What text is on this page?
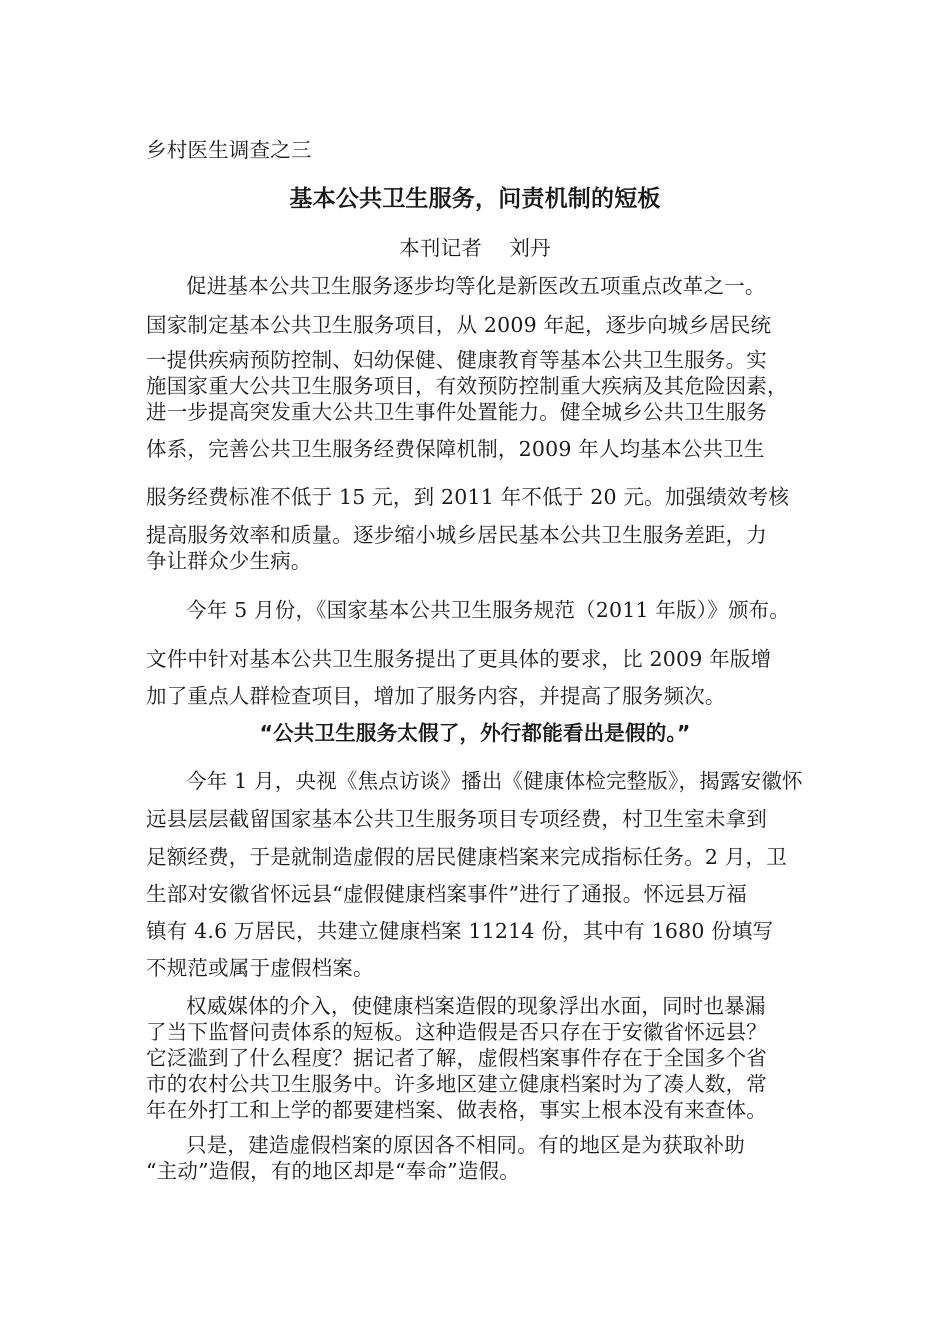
乡村医生调查之三
基本公共卫生服务，问责机制的短板
本刊记者　 刘丹
促进基本公共卫生服务逐步均等化是新医改五项重点改革之一。
国家制定基本公共卫生服务项目，从 2009 年起，逐步向城乡居民统
一提供疾病预防控制、妇幼保健、健康教育等基本公共卫生服务。实
施国家重大公共卫生服务项目，有效预防控制重大疾病及其危险因素，
进一步提高突发重大公共卫生事件处置能力。健全城乡公共卫生服务
体系，完善公共卫生服务经费保障机制，2009 年人均基本公共卫生
服务经费标准不低于 15 元，到 2011 年不低于 20 元。加强绩效考核
提高服务效率和质量。逐步缩小城乡居民基本公共卫生服务差距，力
争让群众少生病。
今年 5 月份，《国家基本公共卫生服务规范（2011 年版）》颁布。
文件中针对基本公共卫生服务提出了更具体的要求，比 2009 年版增
加了重点人群检查项目，增加了服务内容，并提高了服务频次。
“公共卫生服务太假了，外行都能看出是假的。”
今年 1 月，央视《焦点访谈》播出《健康体检完整版》，揭露安徽怀
远县层层截留国家基本公共卫生服务项目专项经费，村卫生室未拿到
足额经费，于是就制造虚假的居民健康档案来完成指标任务。2 月，卫
生部对安徽省怀远县“虚假健康档案事件”进行了通报。怀远县万福
镇有 4.6 万居民，共建立健康档案 11214 份，其中有 1680 份填写
不规范或属于虚假档案。
权威媒体的介入，使健康档案造假的现象浮出水面，同时也暴漏
了当下监督问责体系的短板。这种造假是否只存在于安徽省怀远县？
它泛滥到了什么程度？据记者了解，虚假档案事件存在于全国多个省
市的农村公共卫生服务中。许多地区建立健康档案时为了凑人数，常
年在外打工和上学的都要建档案、做表格，事实上根本没有来查体。
只是，建造虚假档案的原因各不相同。有的地区是为获取补助
“主动”造假，有的地区却是“奉命”造假。
